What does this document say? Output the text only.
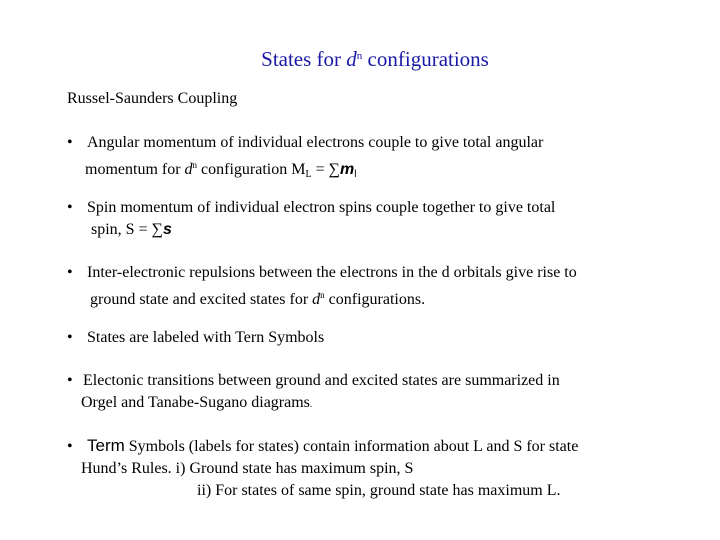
States for $d^n$ configurations
Russel-Saunders Coupling
• Angular momentum of individual electrons couple to give total angular
momentum for $d^n$ configuration $M_L = \sum m_l$
• Spin momentum of individual electron spins couple together to give total
spin, S = ∑s
• Inter-electronic repulsions between the electrons in the d orbitals give rise to
ground state and excited states for $d^n$ configurations.
• States are labeled with Tern Symbols
• Electonic transitions between ground and excited states are summarized in
Orgel and Tanabe-Sugano diagrams.
• Term Symbols (labels for states) contain information about L and S for state
Hund’s Rules. i) Ground state has maximum spin, S
ii) For states of same spin, ground state has maximum L.
